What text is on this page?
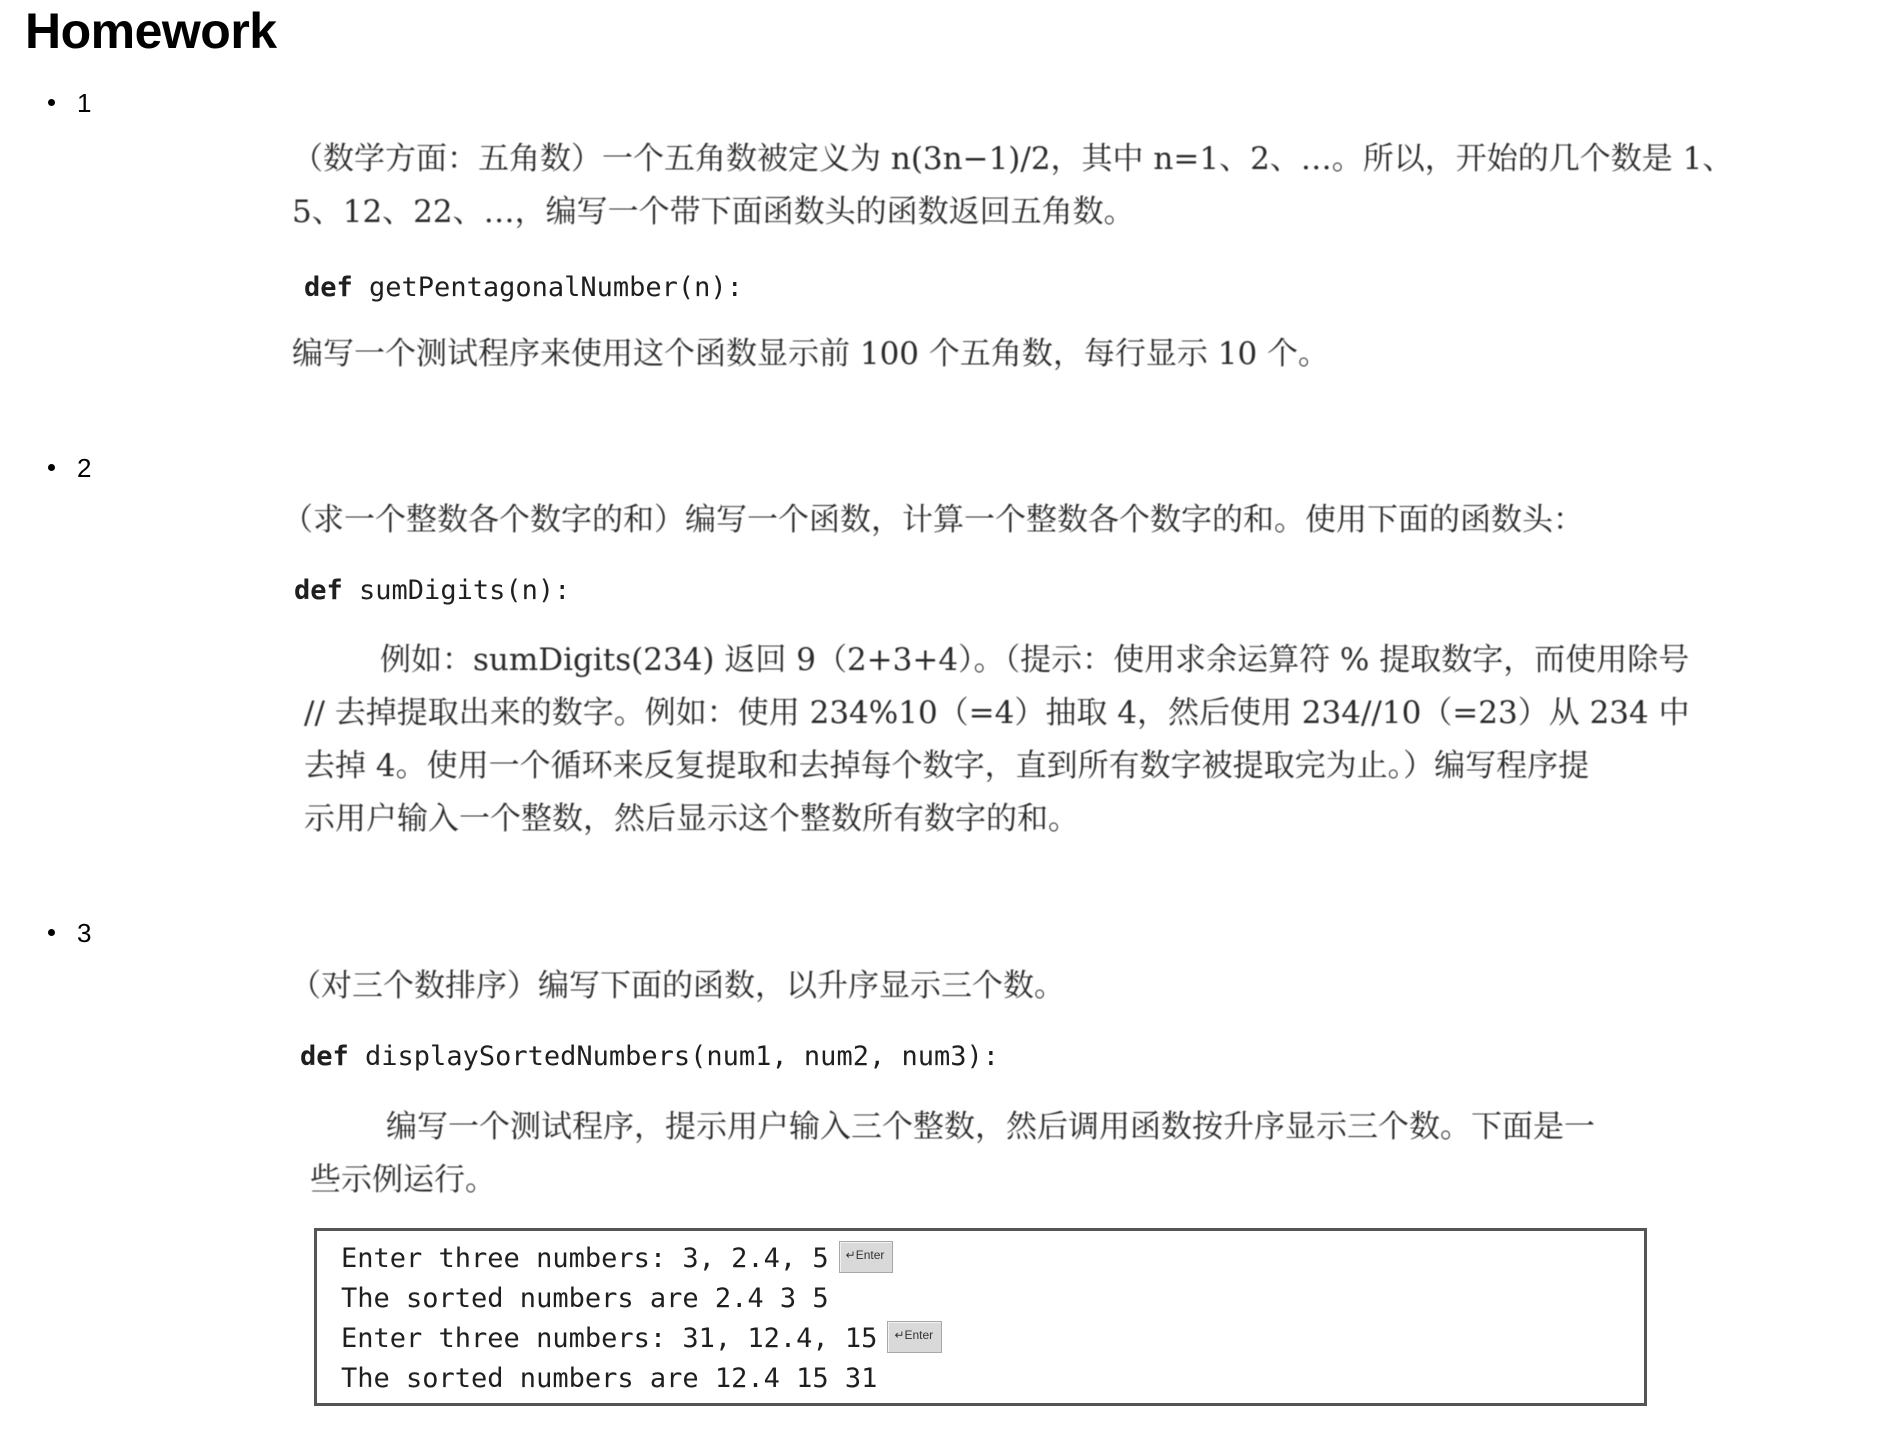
Homework
1
（数学方面：五角数）一个五角数被定义为 n(3n−1)/2，其中 n=1、2、…。所以，开始的几个数是 1、
5、12、22、…，编写一个带下面函数头的函数返回五角数。
def getPentagonalNumber(n):
编写一个测试程序来使用这个函数显示前 100 个五角数，每行显示 10 个。
2
（求一个整数各个数字的和）编写一个函数，计算一个整数各个数字的和。使用下面的函数头：
def sumDigits(n):
例如：sumDigits(234) 返回 9（2+3+4）。（提示：使用求余运算符 % 提取数字，而使用除号
// 去掉提取出来的数字。例如：使用 234%10（=4）抽取 4，然后使用 234//10（=23）从 234 中
去掉 4。使用一个循环来反复提取和去掉每个数字，直到所有数字被提取完为止。）编写程序提
示用户输入一个整数，然后显示这个整数所有数字的和。
3
（对三个数排序）编写下面的函数，以升序显示三个数。
def displaySortedNumbers(num1, num2, num3):
编写一个测试程序，提示用户输入三个整数，然后调用函数按升序显示三个数。下面是一
些示例运行。
Enter three numbers: 3, 2.4, 5 ↵Enter
The sorted numbers are 2.4 3 5
Enter three numbers: 31, 12.4, 15 ↵Enter
The sorted numbers are 12.4 15 31
